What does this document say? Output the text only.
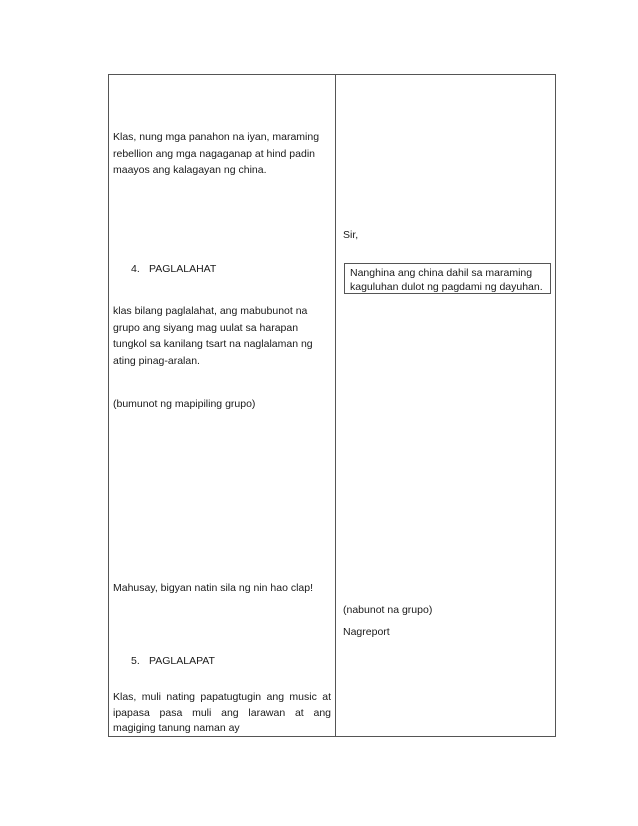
Klas, nung mga panahon na iyan, maraming rebellion ang mga nagaganap at hind padin maayos ang kalagayan ng china.
4. PAGLALAHAT
klas bilang paglalahat, ang mabubunot na grupo ang siyang mag uulat sa harapan tungkol sa kanilang tsart na naglalaman ng ating pinag-aralan.
(bumunot ng mapipiling grupo)
Mahusay, bigyan natin sila ng nin hao clap!
5. PAGLALAPAT
Klas, muli nating papatugtugin ang music at ipapasa pasa muli ang larawan at ang magiging tanung naman ay
Sir,
Nanghina ang china dahil sa maraming kaguluhan dulot ng pagdami ng dayuhan.
(nabunot na grupo)
Nagreport
